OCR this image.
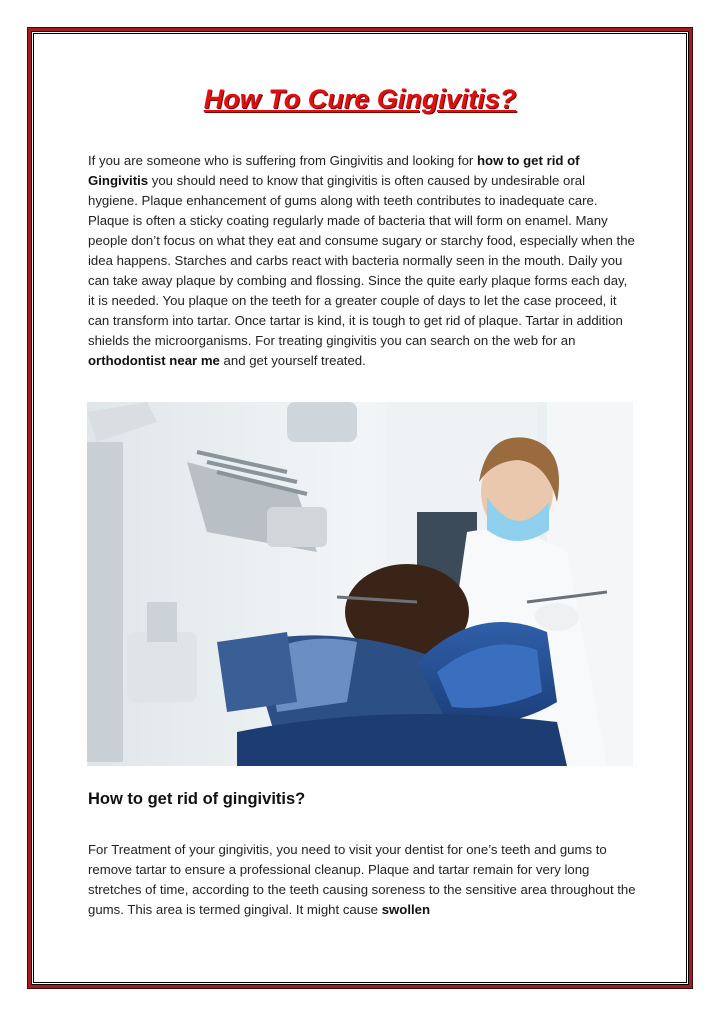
How To Cure Gingivitis?

If you are someone who is suffering from Gingivitis and looking for how to get rid of Gingivitis you should need to know that gingivitis is often caused by undesirable oral hygiene. Plaque enhancement of gums along with teeth contributes to inadequate care. Plaque is often a sticky coating regularly made of bacteria that will form on enamel. Many people don’t focus on what they eat and consume sugary or starchy food, especially when the idea happens. Starches and carbs react with bacteria normally seen in the mouth. Daily you can take away plaque by combing and flossing. Since the quite early plaque forms each day, it is needed. You plaque on the teeth for a greater couple of days to let the case proceed, it can transform into tartar. Once tartar is kind, it is tough to get rid of plaque. Tartar in addition shields the microorganisms. For treating gingivitis you can search on the web for an orthodontist near me and get yourself treated.

How to get rid of gingivitis?

For Treatment of your gingivitis, you need to visit your dentist for one’s teeth and gums to remove tartar to ensure a professional cleanup. Plaque and tartar remain for very long stretches of time, according to the teeth causing soreness to the sensitive area throughout the gums. This area is termed gingival. It might cause swollen
